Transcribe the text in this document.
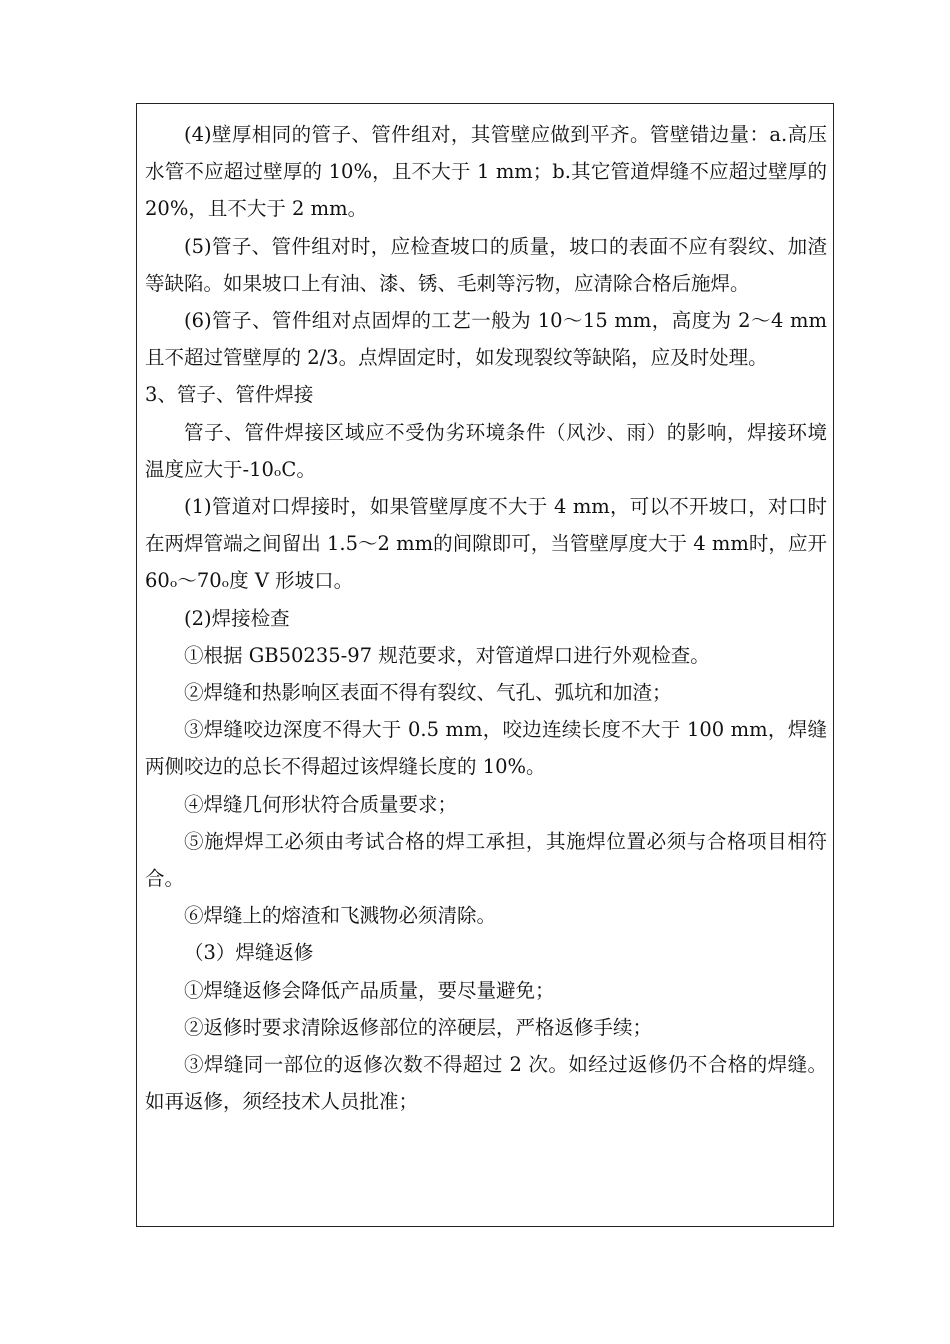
(4)壁厚相同的管子、管件组对，其管壁应做到平齐。管壁错边量：a.高压水管不应超过壁厚的 10%，且不大于 1 mm；b.其它管道焊缝不应超过壁厚的 20%，且不大于 2 mm。

(5)管子、管件组对时，应检查坡口的质量，坡口的表面不应有裂纹、加渣等缺陷。如果坡口上有油、漆、锈、毛刺等污物，应清除合格后施焊。

(6)管子、管件组对点固焊的工艺一般为 10～15 mm，高度为 2～4 mm且不超过管壁厚的 2/3。点焊固定时，如发现裂纹等缺陷，应及时处理。

3、管子、管件焊接

管子、管件焊接区域应不受伪劣环境条件（风沙、雨）的影响，焊接环境温度应大于-10ₒC。

(1)管道对口焊接时，如果管壁厚度不大于 4 mm，可以不开坡口，对口时在两焊管端之间留出 1.5～2 mm的间隙即可，当管壁厚度大于 4 mm时，应开 60ₒ～70ₒ度 V 形坡口。

(2)焊接检查

①根据 GB50235-97 规范要求，对管道焊口进行外观检查。

②焊缝和热影响区表面不得有裂纹、气孔、弧坑和加渣；

③焊缝咬边深度不得大于 0.5 mm，咬边连续长度不大于 100 mm，焊缝两侧咬边的总长不得超过该焊缝长度的 10%。

④焊缝几何形状符合质量要求；

⑤施焊焊工必须由考试合格的焊工承担，其施焊位置必须与合格项目相符合。

⑥焊缝上的熔渣和飞溅物必须清除。

（3）焊缝返修

①焊缝返修会降低产品质量，要尽量避免；

②返修时要求清除返修部位的淬硬层，严格返修手续；

③焊缝同一部位的返修次数不得超过 2 次。如经过返修仍不合格的焊缝。如再返修，须经技术人员批准；
